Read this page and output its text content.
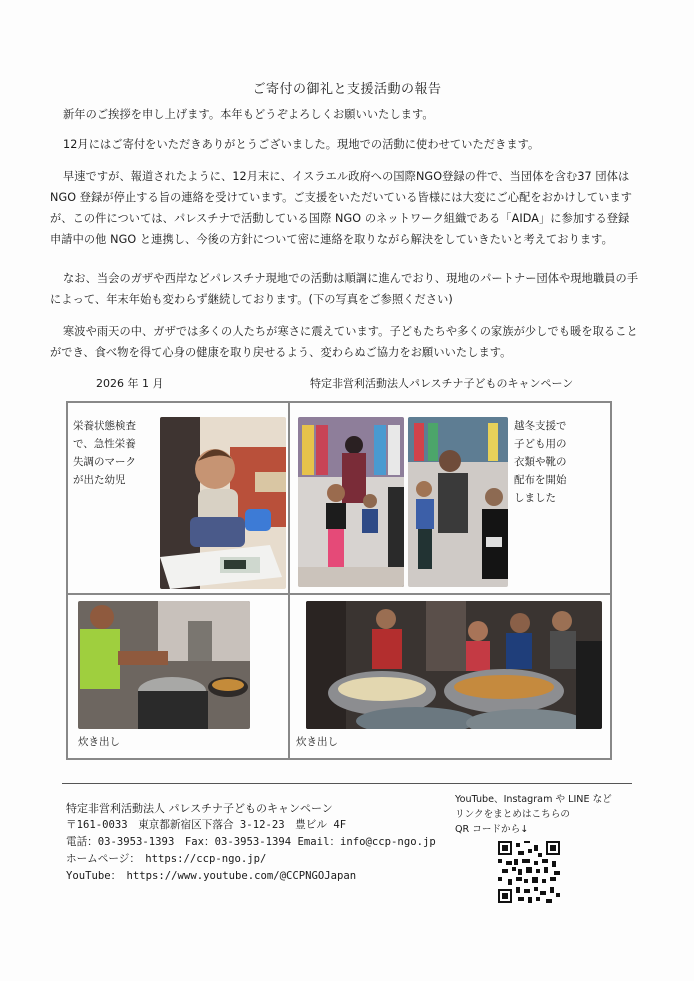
ご寄付の御礼と支援活動の報告
新年のご挨拶を申し上げます。本年もどうぞよろしくお願いいたします。
12月にはご寄付をいただきありがとうございました。現地での活動に使わせていただきます。
早速ですが、報道されたように、12月末に、イスラエル政府への国際NGO登録の件で、当団体を含む37 団体は NGO 登録が停止する旨の連絡を受けています。ご支援をいただいている皆様には大変にご心配をおかけしていますが、この件については、パレスチナで活動している国際 NGO のネットワーク組織である「AIDA」に参加する登録申請中の他 NGO と連携し、今後の方針について密に連絡を取りながら解決をしていきたいと考えております。
なお、当会のガザや西岸などパレスチナ現地での活動は順調に進んでおり、現地のパートナー団体や現地職員の手によって、年末年始も変わらず継続しております。(下の写真をご参照ください)
寒波や雨天の中、ガザでは多くの人たちが寒さに震えています。子どもたちや多くの家族が少しでも暖を取ることができ、食べ物を得て心身の健康を取り戻せるよう、変わらぬご協力をお願いいたします。
2026 年 1 月	特定非営利活動法人パレスチナ子どものキャンペーン
栄養状態検査
で、急性栄養
失調のマーク
が出た幼児
越冬支援で
子ども用の
衣類や靴の
配布を開始
しました
炊き出し	炊き出し
特定非営利活動法人 パレスチナ子どものキャンペーン
〒161-0033　東京都新宿区下落合 3-12-23　豊ビル 4F
電話：03-3953-1393　Fax：03-3953-1394 Email：info@ccp-ngo.jp
ホームページ：　https://ccp-ngo.jp/
YouTube：　https://www.youtube.com/@CCPNGOJapan
YouTube、Instagram や LINE など
リンクをまとめはこちらの
QR コードから↓
